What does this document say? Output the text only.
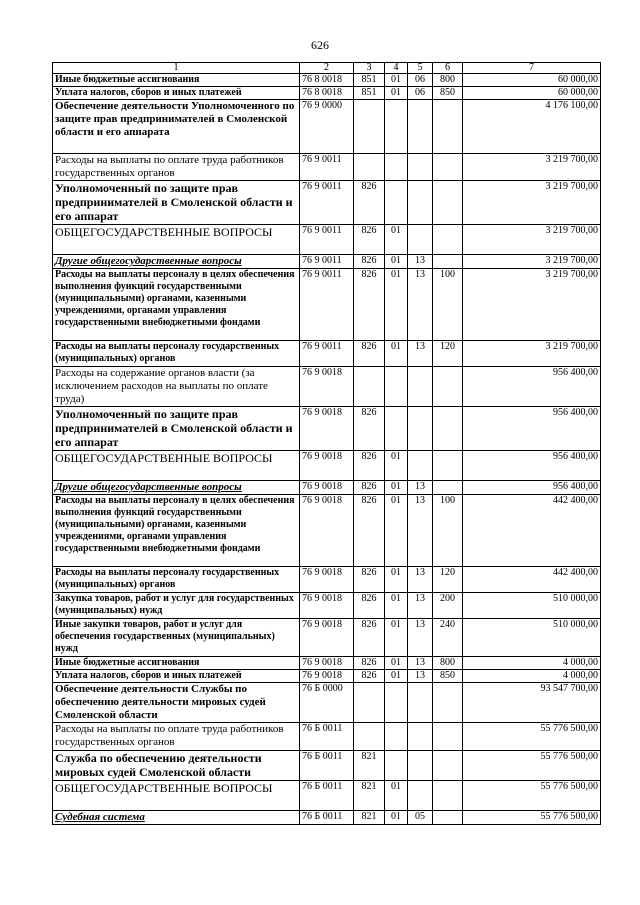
626
1	2	3	4	5	6	7
Иные бюджетные ассигнования	76 8 0018	851	01	06	800	60 000,00
Уплата налогов, сборов и иных платежей	76 8 0018	851	01	06	850	60 000,00
Обеспечение деятельности Уполномоченного по защите прав предпринимателей в Смоленской области и его аппарата	76 9 0000					4 176 100,00
Расходы на выплаты по оплате труда работников государственных органов	76 9 0011					3 219 700,00
Уполномоченный по защите прав предпринимателей в Смоленской области и его аппарат	76 9 0011	826				3 219 700,00
ОБЩЕГОСУДАРСТВЕННЫЕ ВОПРОСЫ	76 9 0011	826	01			3 219 700,00
Другие общегосударственные вопросы	76 9 0011	826	01	13		3 219 700,00
Расходы на выплаты персоналу в целях обеспечения выполнения функций государственными (муниципальными) органами, казенными учреждениями, органами управления государственными внебюджетными фондами	76 9 0011	826	01	13	100	3 219 700,00
Расходы на выплаты персоналу государственных (муниципальных) органов	76 9 0011	826	01	13	120	3 219 700,00
Расходы на содержание органов власти (за исключением расходов на выплаты по оплате труда)	76 9 0018					956 400,00
Уполномоченный по защите прав предпринимателей в Смоленской области и его аппарат	76 9 0018	826				956 400,00
ОБЩЕГОСУДАРСТВЕННЫЕ ВОПРОСЫ	76 9 0018	826	01			956 400,00
Другие общегосударственные вопросы	76 9 0018	826	01	13		956 400,00
Расходы на выплаты персоналу в целях обеспечения выполнения функций государственными (муниципальными) органами, казенными учреждениями, органами управления государственными внебюджетными фондами	76 9 0018	826	01	13	100	442 400,00
Расходы на выплаты персоналу государственных (муниципальных) органов	76 9 0018	826	01	13	120	442 400,00
Закупка товаров, работ и услуг для государственных (муниципальных) нужд	76 9 0018	826	01	13	200	510 000,00
Иные закупки товаров, работ и услуг для обеспечения государственных (муниципальных) нужд	76 9 0018	826	01	13	240	510 000,00
Иные бюджетные ассигнования	76 9 0018	826	01	13	800	4 000,00
Уплата налогов, сборов и иных платежей	76 9 0018	826	01	13	850	4 000,00
Обеспечение деятельности Службы по обеспечению деятельности мировых судей Смоленской области	76 Б 0000					93 547 700,00
Расходы на выплаты по оплате труда работников государственных органов	76 Б 0011					55 776 500,00
Служба по обеспечению деятельности мировых судей Смоленской области	76 Б 0011	821				55 776 500,00
ОБЩЕГОСУДАРСТВЕННЫЕ ВОПРОСЫ	76 Б 0011	821	01			55 776 500,00
Судебная система	76 Б 0011	821	01	05		55 776 500,00
